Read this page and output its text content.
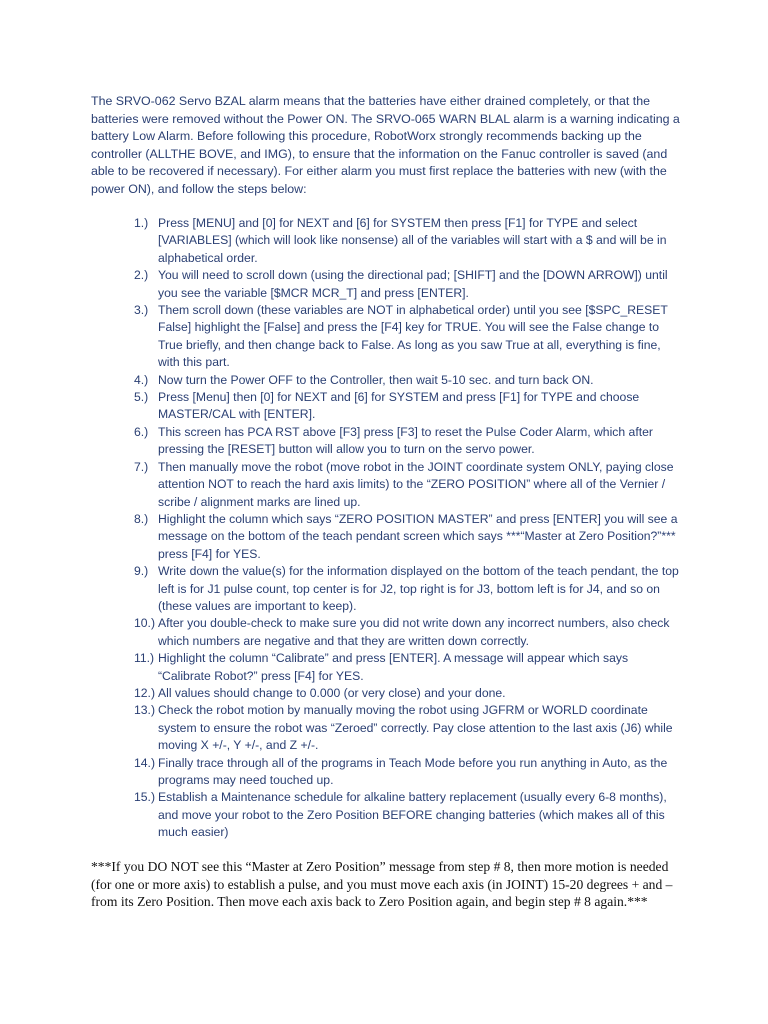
The SRVO-062 Servo BZAL alarm means that the batteries have either drained completely, or that the batteries were removed without the Power ON. The SRVO-065 WARN BLAL alarm is a warning indicating a battery Low Alarm. Before following this procedure, RobotWorx strongly recommends backing up the controller (ALLTHE BOVE, and IMG), to ensure that the information on the Fanuc controller is saved (and able to be recovered if necessary). For either alarm you must first replace the batteries with new (with the power ON), and follow the steps below:

1.) Press [MENU] and [0] for NEXT and [6] for SYSTEM then press [F1] for TYPE and select [VARIABLES] (which will look like nonsense) all of the variables will start with a $ and will be in alphabetical order.
2.) You will need to scroll down (using the directional pad; [SHIFT] and the [DOWN ARROW]) until you see the variable [$MCR MCR_T] and press [ENTER].
3.) Them scroll down (these variables are NOT in alphabetical order) until you see [$SPC_RESET False] highlight the [False] and press the [F4] key for TRUE. You will see the False change to True briefly, and then change back to False. As long as you saw True at all, everything is fine, with this part.
4.) Now turn the Power OFF to the Controller, then wait 5-10 sec. and turn back ON.
5.) Press [Menu] then [0] for NEXT and [6] for SYSTEM and press [F1] for TYPE and choose MASTER/CAL with [ENTER].
6.) This screen has PCA RST above [F3] press [F3] to reset the Pulse Coder Alarm, which after pressing the [RESET] button will allow you to turn on the servo power.
7.) Then manually move the robot (move robot in the JOINT coordinate system ONLY, paying close attention NOT to reach the hard axis limits) to the “ZERO POSITION” where all of the Vernier / scribe / alignment marks are lined up.
8.) Highlight the column which says “ZERO POSITION MASTER” and press [ENTER] you will see a message on the bottom of the teach pendant screen which says ***“Master at Zero Position?”*** press [F4] for YES.
9.) Write down the value(s) for the information displayed on the bottom of the teach pendant, the top left is for J1 pulse count, top center is for J2, top right is for J3, bottom left is for J4, and so on (these values are important to keep).
10.) After you double-check to make sure you did not write down any incorrect numbers, also check which numbers are negative and that they are written down correctly.
11.) Highlight the column “Calibrate” and press [ENTER]. A message will appear which says “Calibrate Robot?” press [F4] for YES.
12.) All values should change to 0.000 (or very close) and your done.
13.) Check the robot motion by manually moving the robot using JGFRM or WORLD coordinate system to ensure the robot was “Zeroed” correctly. Pay close attention to the last axis (J6) while moving X +/-, Y +/-, and Z +/-.
14.) Finally trace through all of the programs in Teach Mode before you run anything in Auto, as the programs may need touched up.
15.) Establish a Maintenance schedule for alkaline battery replacement (usually every 6-8 months), and move your robot to the Zero Position BEFORE changing batteries (which makes all of this much easier)

***If you DO NOT see this “Master at Zero Position” message from step # 8, then more motion is needed (for one or more axis) to establish a pulse, and you must move each axis (in JOINT) 15-20 degrees + and – from its Zero Position. Then move each axis back to Zero Position again, and begin step # 8 again.***
